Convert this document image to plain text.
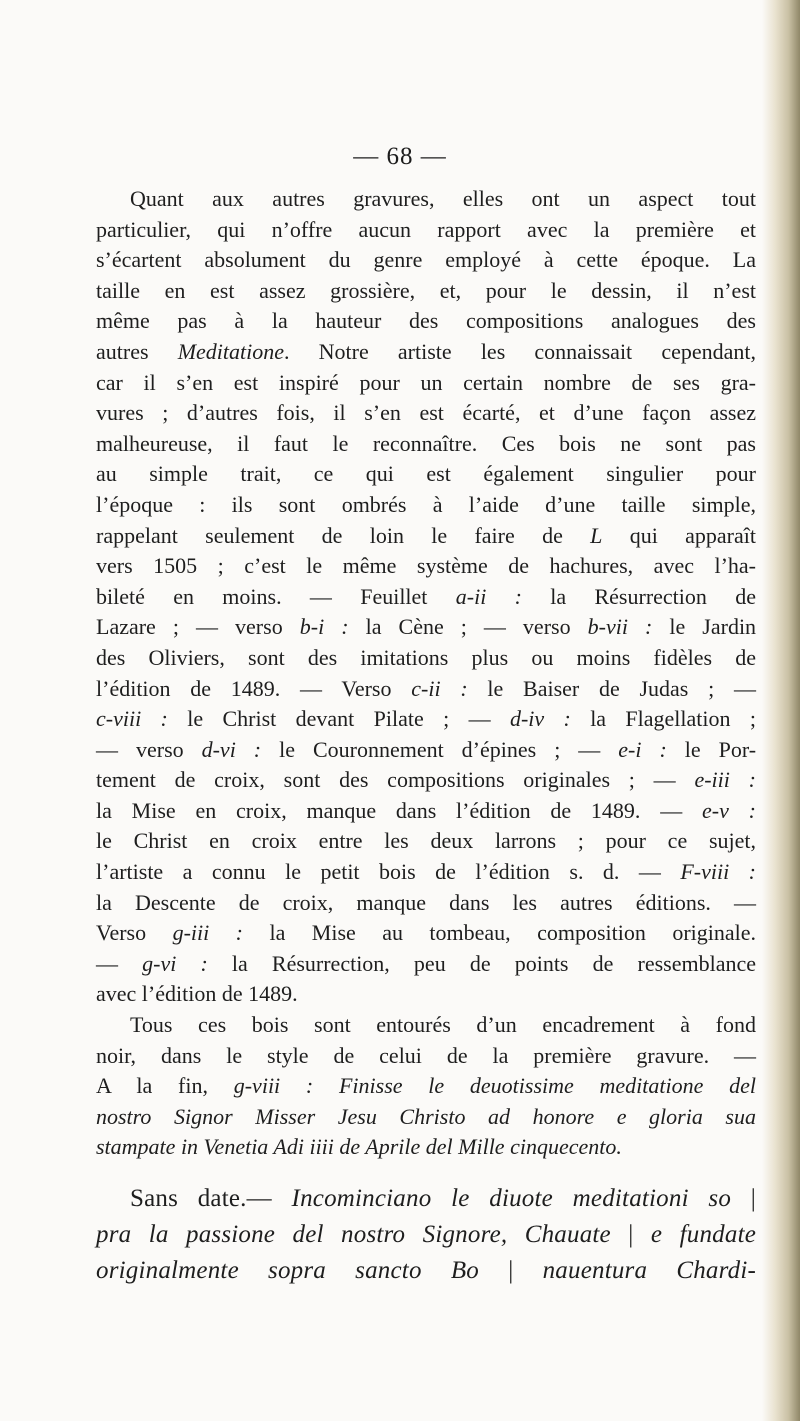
— 68 —

Quant aux autres gravures, elles ont un aspect tout

particulier, qui n’offre aucun rapport avec la première et

s’écartent absolument du genre employé à cette époque. La

taille en est assez grossière, et, pour le dessin, il n’est

même pas à la hauteur des compositions analogues des

autres Meditatione. Notre artiste les connaissait cependant,

car il s’en est inspiré pour un certain nombre de ses gra-

vures ; d’autres fois, il s’en est écarté, et d’une façon assez

malheureuse, il faut le reconnaître. Ces bois ne sont pas

au simple trait, ce qui est également singulier pour

l’époque : ils sont ombrés à l’aide d’une taille simple,

rappelant seulement de loin le faire de L qui apparaît

vers 1505 ; c’est le même système de hachures, avec l’ha-

bileté en moins. — Feuillet a-ii : la Résurrection de

Lazare ; — verso b-i : la Cène ; — verso b-vii : le Jardin

des Oliviers, sont des imitations plus ou moins fidèles de

l’édition de 1489. — Verso c-ii : le Baiser de Judas ; —

c-viii : le Christ devant Pilate ; — d-iv : la Flagellation ;

— verso d-vi : le Couronnement d’épines ; — e-i : le Por-

tement de croix, sont des compositions originales ; — e-iii :

la Mise en croix, manque dans l’édition de 1489. — e-v :

le Christ en croix entre les deux larrons ; pour ce sujet,

l’artiste a connu le petit bois de l’édition s. d. — F-viii :

la Descente de croix, manque dans les autres éditions. —

Verso g-iii : la Mise au tombeau, composition originale.

— g-vi : la Résurrection, peu de points de ressemblance

avec l’édition de 1489.

Tous ces bois sont entourés d’un encadrement à fond
noir, dans le style de celui de la première gravure. —
A la fin, g-viii : Finisse le deuotissime meditatione del
nostro Signor Misser Jesu Christo ad honore e gloria sua
stampate in Venetia Adi iiii de Aprile del Mille cinquecento.
Sans date.— Incominciano le diuote meditationi so |
pra la passione del nostro Signore, Chauate | e fundate
originalmente sopra sancto Bo | nauentura Chardi-
